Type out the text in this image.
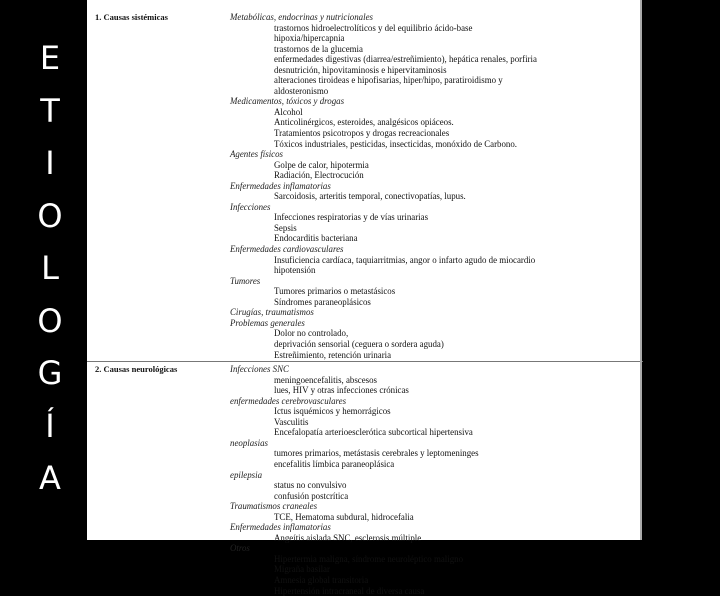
E
T
I
O
L
O
G
Í
A
1. Causas sistémicas	Metabólicas, endocrinas y nutricionales
trastornos hidroelectrolíticos y del equilibrio ácido-base
hipoxia/hipercapnia
trastornos de la glucemia
enfermedades digestivas (diarrea/estreñimiento), hepática renales, porfiria
desnutrición, hipovitaminosis e hipervitaminosis
alteraciones tiroideas e hipofisarias, hiper/hipo, paratiroidismo y
aldosteronismo
Medicamentos, tóxicos y drogas
Alcohol
Anticolinérgicos, esteroides, analgésicos opiáceos.
Tratamientos psicotropos y drogas recreacionales
Tóxicos industriales, pesticidas, insecticidas, monóxido de Carbono.
Agentes físicos
Golpe de calor, hipotermia
Radiación, Electrocución
Enfermedades inflamatorias
Sarcoidosis, arteritis temporal, conectivopatías, lupus.
Infecciones
Infecciones respiratorias y de vías urinarias
Sepsis
Endocarditis bacteriana
Enfermedades cardiovasculares
Insuficiencia cardíaca, taquiarritmias, angor o infarto agudo de miocardio
hipotensión
Tumores
Tumores primarios o metastásicos
Síndromes paraneoplásicos
Cirugías, traumatismos
Problemas generales
Dolor no controlado,
deprivación sensorial (ceguera o sordera aguda)
Estreñimiento, retención urinaria
2. Causas neurológicas	Infecciones SNC
meningoencefalitis, abscesos
lues, HIV y otras infecciones crónicas
enfermedades cerebrovasculares
Ictus isquémicos y hemorrágicos
Vasculitis
Encefalopatía arterioesclerótica subcortical hipertensiva
neoplasias
tumores primarios, metástasis cerebrales y leptomeninges
encefalitis límbica paraneoplásica
epilepsia
status no convulsivo
confusión postcrítica
Traumatismos craneales
TCE, Hematoma subdural, hidrocefalia
Enfermedades inflamatorias
Angeítis aislada SNC, esclerosis múltiple
Otros
Hipertermia maligna, síndrome neuroléptico maligno
Migraña basilar
Amnesia global transitoria
Hipertensión intracraneal de diversa causa
